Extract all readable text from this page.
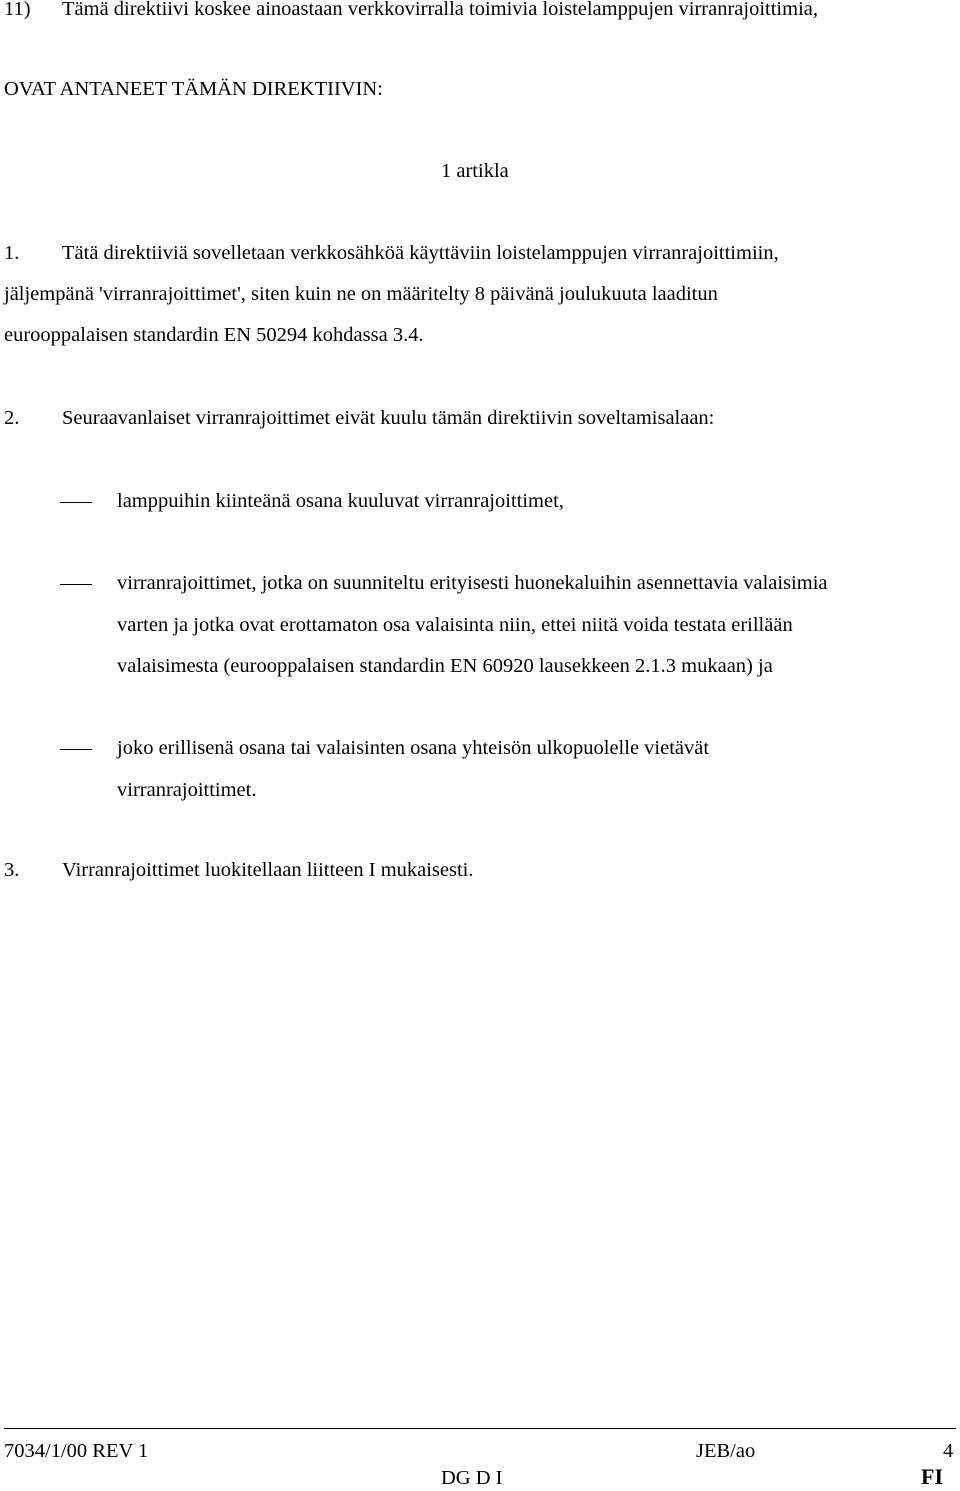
11) Tämä direktiivi koskee ainoastaan verkkovirralla toimivia loistelamppujen virranrajoittimia,
OVAT ANTANEET TÄMÄN DIREKTIIVIN:
1 artikla
1. Tätä direktiiviä sovelletaan verkkosähköä käyttäviin loistelamppujen virranrajoittimiin,
jäljempänä 'virranrajoittimet', siten kuin ne on määritelty 8 päivänä joulukuuta laaditun
eurooppalaisen standardin EN 50294 kohdassa 3.4.
2. Seuraavanlaiset virranrajoittimet eivät kuulu tämän direktiivin soveltamisalaan:
lamppuihin kiinteänä osana kuuluvat virranrajoittimet,
virranrajoittimet, jotka on suunniteltu erityisesti huonekaluihin asennettavia valaisimia
varten ja jotka ovat erottamaton osa valaisinta niin, ettei niitä voida testata erillään
valaisimesta (eurooppalaisen standardin EN 60920 lausekkeen 2.1.3 mukaan) ja
joko erillisenä osana tai valaisinten osana yhteisön ulkopuolelle vietävät
virranrajoittimet.
3. Virranrajoittimet luokitellaan liitteen I mukaisesti.
7034/1/00 REV 1	JEB/ao	4
DG D I	FI
